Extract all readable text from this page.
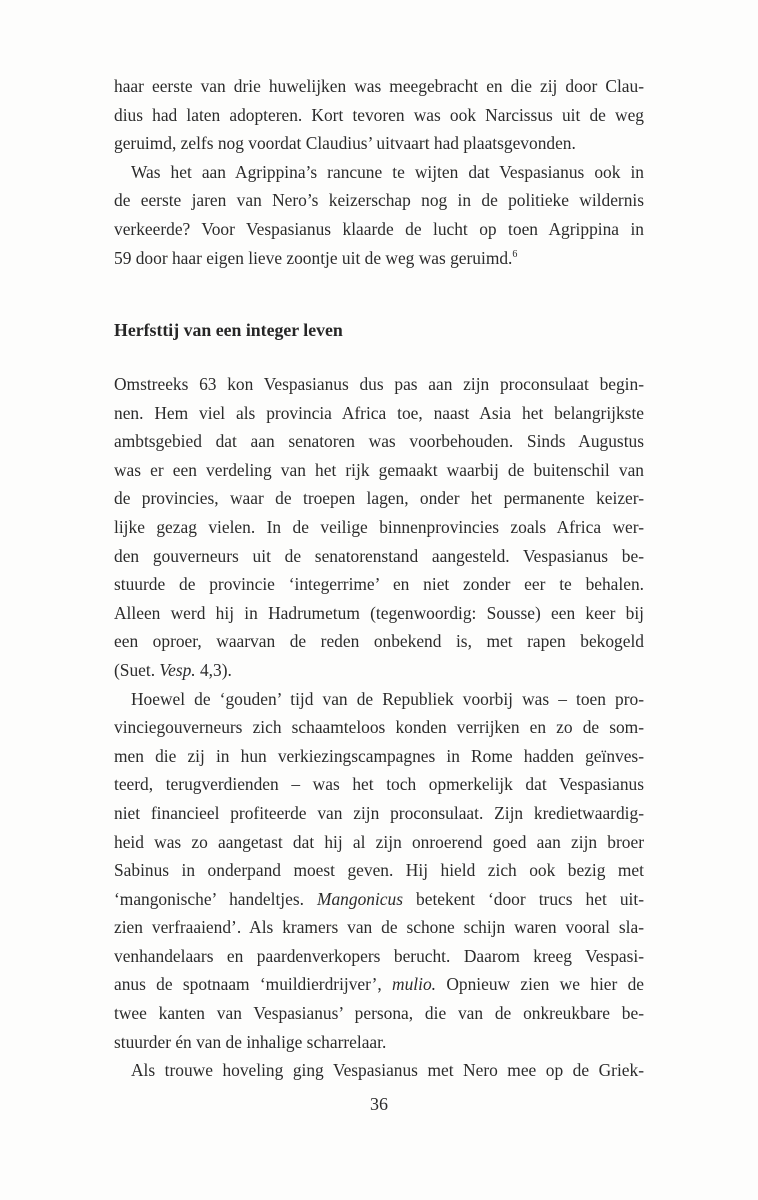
haar eerste van drie huwelijken was meegebracht en die zij door Clau-
dius had laten adopteren. Kort tevoren was ook Narcissus uit de weg
geruimd, zelfs nog voordat Claudius’ uitvaart had plaatsgevonden.
Was het aan Agrippina’s rancune te wijten dat Vespasianus ook in
de eerste jaren van Nero’s keizerschap nog in de politieke wildernis
verkeerde? Voor Vespasianus klaarde de lucht op toen Agrippina in
59 door haar eigen lieve zoontje uit de weg was geruimd.$^6$
Herfsttij van een integer leven
Omstreeks 63 kon Vespasianus dus pas aan zijn proconsulaat begin-
nen. Hem viel als provincia Africa toe, naast Asia het belangrijkste
ambtsgebied dat aan senatoren was voorbehouden. Sinds Augustus
was er een verdeling van het rijk gemaakt waarbij de buitenschil van
de provincies, waar de troepen lagen, onder het permanente keizer-
lijke gezag vielen. In de veilige binnenprovincies zoals Africa wer-
den gouverneurs uit de senatorenstand aangesteld. Vespasianus be-
stuurde de provincie ‘integerrime’ en niet zonder eer te behalen.
Alleen werd hij in Hadrumetum (tegenwoordig: Sousse) een keer bij
een oproer, waarvan de reden onbekend is, met rapen bekogeld
(Suet. Vesp. 4,3).
Hoewel de ‘gouden’ tijd van de Republiek voorbij was – toen pro-
vinciegouverneurs zich schaamteloos konden verrijken en zo de som-
men die zij in hun verkiezingscampagnes in Rome hadden geïnves-
teerd, terugverdienden – was het toch opmerkelijk dat Vespasianus
niet financieel profiteerde van zijn proconsulaat. Zijn kredietwaardig-
heid was zo aangetast dat hij al zijn onroerend goed aan zijn broer
Sabinus in onderpand moest geven. Hij hield zich ook bezig met
‘mangonische’ handeltjes. Mangonicus betekent ‘door trucs het uit-
zien verfraaiend’. Als kramers van de schone schijn waren vooral sla-
venhandelaars en paardenverkopers berucht. Daarom kreeg Vespasi-
anus de spotnaam ‘muildierdrijver’, mulio. Opnieuw zien we hier de
twee kanten van Vespasianus’ persona, die van de onkreukbare be-
stuurder én van de inhalige scharrelaar.
Als trouwe hoveling ging Vespasianus met Nero mee op de Griek-
36
